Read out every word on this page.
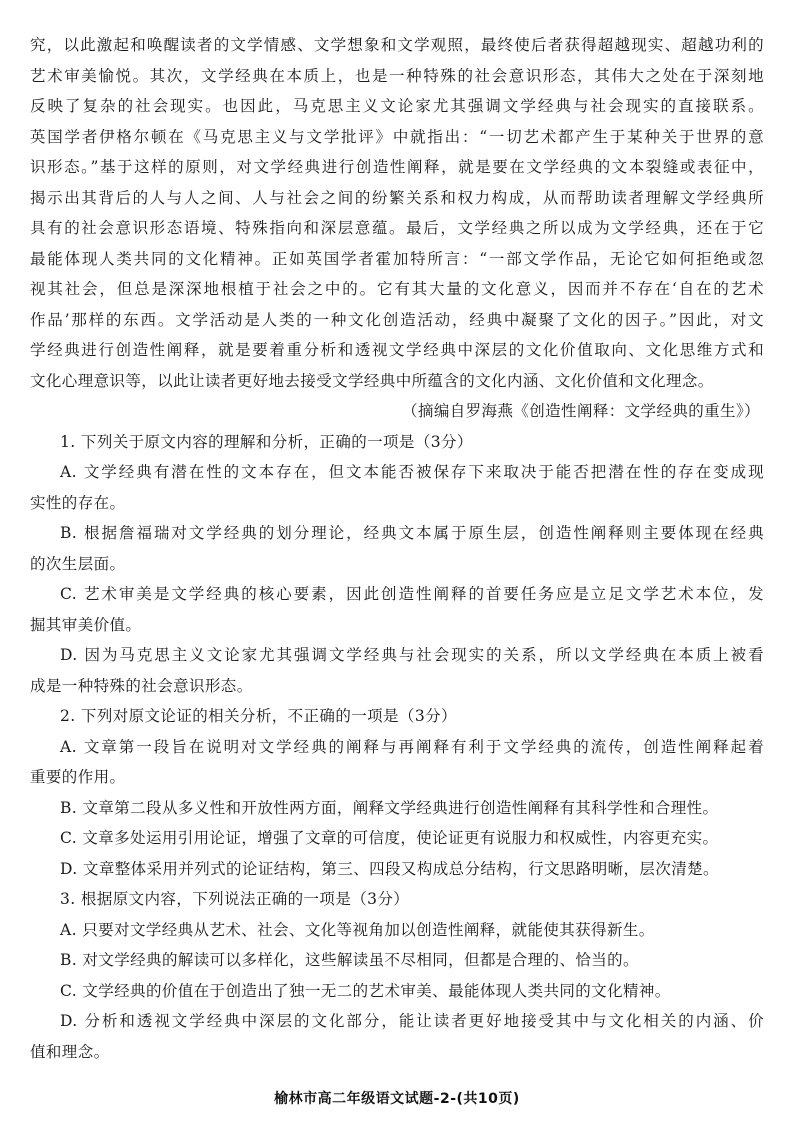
究，以此激起和唤醒读者的文学情感、文学想象和文学观照，最终使后者获得超越现实、超越功利的
艺术审美愉悦。其次，文学经典在本质上，也是一种特殊的社会意识形态，其伟大之处在于深刻地
反映了复杂的社会现实。也因此，马克思主义文论家尤其强调文学经典与社会现实的直接联系。
英国学者伊格尔顿在《马克思主义与文学批评》中就指出：“一切艺术都产生于某种关于世界的意
识形态。”基于这样的原则，对文学经典进行创造性阐释，就是要在文学经典的文本裂缝或表征中，
揭示出其背后的人与人之间、人与社会之间的纷繁关系和权力构成，从而帮助读者理解文学经典所
具有的社会意识形态语境、特殊指向和深层意蕴。最后，文学经典之所以成为文学经典，还在于它
最能体现人类共同的文化精神。正如英国学者霍加特所言：“一部文学作品，无论它如何拒绝或忽
视其社会，但总是深深地根植于社会之中的。它有其大量的文化意义，因而并不存在‘自在的艺术
作品’那样的东西。文学活动是人类的一种文化创造活动，经典中凝聚了文化的因子。”因此，对文
学经典进行创造性阐释，就是要着重分析和透视文学经典中深层的文化价值取向、文化思维方式和
文化心理意识等，以此让读者更好地去接受文学经典中所蕴含的文化内涵、文化价值和文化理念。

（摘编自罗海燕《创造性阐释：文学经典的重生》）

1. 下列关于原文内容的理解和分析，正确的一项是（3分）
A. 文学经典有潜在性的文本存在，但文本能否被保存下来取决于能否把潜在性的存在变成现
实性的存在。
B. 根据詹福瑞对文学经典的划分理论，经典文本属于原生层，创造性阐释则主要体现在经典
的次生层面。
C. 艺术审美是文学经典的核心要素，因此创造性阐释的首要任务应是立足文学艺术本位，发
掘其审美价值。
D. 因为马克思主义文论家尤其强调文学经典与社会现实的关系，所以文学经典在本质上被看
成是一种特殊的社会意识形态。
2. 下列对原文论证的相关分析，不正确的一项是（3分）
A. 文章第一段旨在说明对文学经典的阐释与再阐释有利于文学经典的流传，创造性阐释起着
重要的作用。
B. 文章第二段从多义性和开放性两方面，阐释文学经典进行创造性阐释有其科学性和合理性。
C. 文章多处运用引用论证，增强了文章的可信度，使论证更有说服力和权威性，内容更充实。
D. 文章整体采用并列式的论证结构，第三、四段又构成总分结构，行文思路明晰，层次清楚。
3. 根据原文内容，下列说法正确的一项是（3分）
A. 只要对文学经典从艺术、社会、文化等视角加以创造性阐释，就能使其获得新生。
B. 对文学经典的解读可以多样化，这些解读虽不尽相同，但都是合理的、恰当的。
C. 文学经典的价值在于创造出了独一无二的艺术审美、最能体现人类共同的文化精神。
D. 分析和透视文学经典中深层的文化部分，能让读者更好地接受其中与文化相关的内涵、价
值和理念。
榆林市高二年级语文试题-2-(共10页)
